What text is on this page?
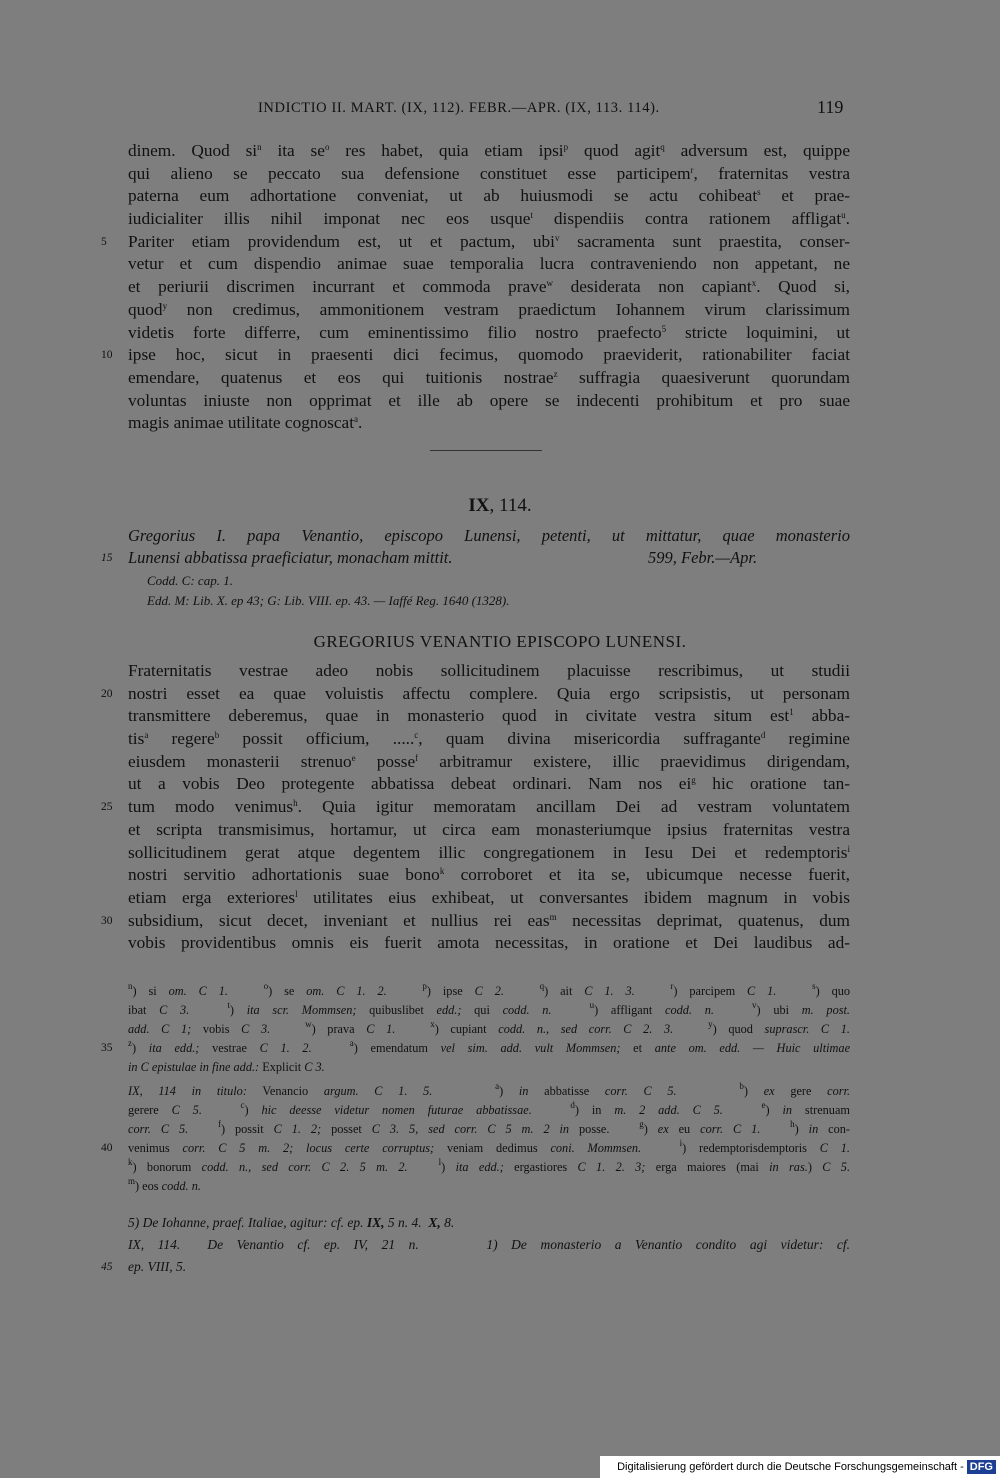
INDICTIO II. MART. (IX, 112). FEBR.—APR. (IX, 113. 114).	119
dinem. Quod $si^n$ ita $se^o$ res habet, quia etiam ipsi$^p$ quod agit$^q$ adversum est, quippe
qui alieno se peccato sua defensione constituet esse participem$^r$, fraternitas vestra
paterna eum adhortatione conveniat, ut ab huiusmodi se actu cohibeat$^s$ et prae-
iudicialiter illis nihil imponat nec eos usque$^t$ dispendiis contra rationem affligat$^u$.
5	Pariter etiam providendum est, ut et pactum, ubi$^v$ sacramenta sunt praestita, conser-
vetur et cum dispendio animae suae temporalia lucra contraveniendo non appetant, ne
et periurii discrimen incurrant et commoda prave$^w$ desiderata non capiant$^x$. Quod si,
quod$^y$ non credimus, ammonitionem vestram praedictum Iohannem virum clarissimum
videtis forte differre, cum eminentissimo filio nostro praefecto$^5$ stricte loquimini, ut
10 ipse hoc, sicut in praesenti dici fecimus, quomodo praeviderit, rationabiliter faciat
emendare, quatenus et eos qui tuitionis nostrae$^z$ suffragia quaesiverunt quorundam
voluntas iniuste non opprimat et ille ab opere se indecenti prohibitum et pro suae
magis animae utilitate cognoscat$^a$.
IX, 114.
Gregorius I. papa Venantio, episcopo Lunensi, petenti, ut mittatur, quae monasterio
15 Lunensi abbatissa praeficiatur, monacham mittit.	599, Febr.—Apr.
Codd. C: cap. 1.
Edd. M: Lib. X. ep 43; G: Lib. VIII. ep. 43. — Iaffé Reg. 1640 (1328).
GREGORIUS VENANTIO EPISCOPO LUNENSI.
Fraternitatis vestrae adeo nobis sollicitudinem placuisse rescribimus, ut studii
20 nostri esset ea quae voluistis affectu complere. Quia ergo scripsistis, ut personam
transmittere deberemus, quae in monasterio quod in civitate vestra situm est$^1$ abba-
tis$^a$ regere$^b$ possit officium, .....$^c$, quam divina misericordia suffragante$^d$ regimine
eiusdem monasterii strenuo$^e$ posse$^f$ arbitramur existere, illic praevidimus dirigendam,
ut a vobis Deo protegente abbatissa debeat ordinari. Nam nos $ei^g$ hic oratione tan-
25 tum modo venimus$^h$. Quia igitur memoratam ancillam Dei ad vestram voluntatem
et scripta transmisimus, hortamur, ut circa eam monasteriumque ipsius fraternitas vestra
sollicitudinem gerat atque degentem illic congregationem in Iesu Dei et redemptoris$^i$
nostri servitio adhortationis suae bono$^k$ corroboret et ita se, ubicumque necesse fuerit,
etiam erga exteriores$^l$ utilitates eius exhibeat, ut conversantes ibidem magnum in vobis
30 subsidium, sicut decet, inveniant et nullius rei eas$^m$ necessitas deprimat, quatenus, dum
vobis providentibus omnis eis fuerit amota necessitas, in oratione et Dei laudibus ad-
$^n$) si om. C 1.	$^o$) se om. C 1. 2.	$^p$) ipse C 2.	$^q$) ait C 1. 3.	$^r$) parcipem C 1.	$^s$) quo
ibat C 3.	$^t$) ita scr. Mommsen; quibuslibet edd.; qui codd. n.	$^u$) affligant codd. n.	$^v$) ubi m. post.
add. C 1; vobis C 3.	$^w$) prava C 1.	$^x$) cupiant codd. n., sed corr. C 2. 3.	$^y$) quod suprascr. C 1.
35	$^z$) ita edd.; vestrae C 1. 2.	$^a$) emendatum vel sim. add. vult Mommsen; et ante om. edd. — Huic ultimae
in C epistulae in fine add.: Explicit C 3.
IX, 114 in titulo: Venancio argum. C 1. 5.	$^a$) in abbatisse corr. C 5.	$^b$) ex gere corr.
gerere C 5.	$^c$) hic deesse videtur nomen futurae abbatissae.	$^d$) in m. 2 add. C 5.	$^e$) in strenuam
corr. C 5.	$^f$) possit C 1. 2; posset C 3. 5, sed corr. C 5 m. 2 in posse.   $^g$) ex eu corr. C 1.	$^h$) in con-
40	venimus corr. C 5 m. 2; locus certe corruptus; veniam dedimus coni. Mommsen.	$^i$) redemptorisdemptoris C 1.
$^k$) bonorum codd. n., sed corr. C 2. 5 m. 2.	$^l$) ita edd.; ergastiores C 1. 2. 3; erga maiores (mai in ras.) C 5.
$^m$) eos codd. n.
5) De Iohanne, praef. Italiae, agitur: cf. ep. IX, 5 n. 4.  X, 8.
IX, 114.  De Venantio cf. ep. IV, 21 n.     1) De monasterio a Venantio condito agi videtur: cf.
45	ep. VIII, 5.
Digitalisierung gefördert durch die Deutsche Forschungsgemeinschaft - DFG
